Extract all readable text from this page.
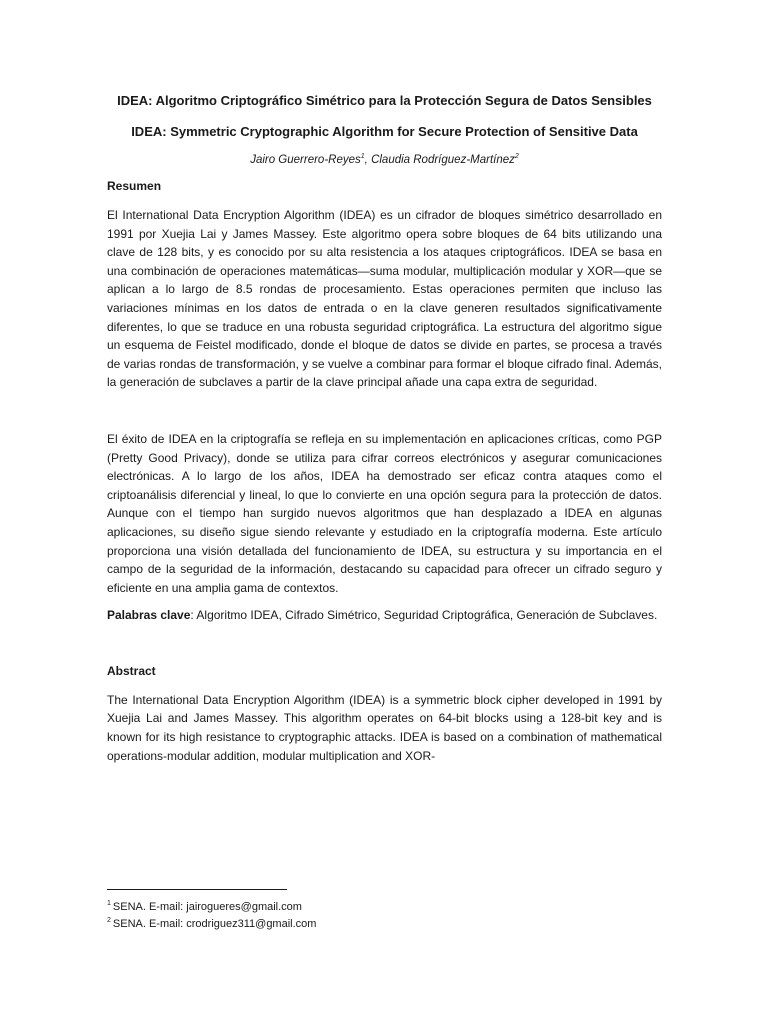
IDEA: Algoritmo Criptográfico Simétrico para la Protección Segura de Datos Sensibles
IDEA: Symmetric Cryptographic Algorithm for Secure Protection of Sensitive Data
Jairo Guerrero-Reyes$^1$, Claudia Rodríguez-Martínez$^2$
Resumen

El International Data Encryption Algorithm (IDEA) es un cifrador de bloques simétrico desarrollado en 1991 por Xuejia Lai y James Massey. Este algoritmo opera sobre bloques de 64 bits utilizando una clave de 128 bits, y es conocido por su alta resistencia a los ataques criptográficos. IDEA se basa en una combinación de operaciones matemáticas—suma modular, multiplicación modular y XOR—que se aplican a lo largo de 8.5 rondas de procesamiento. Estas operaciones permiten que incluso las variaciones mínimas en los datos de entrada o en la clave generen resultados significativamente diferentes, lo que se traduce en una robusta seguridad criptográfica. La estructura del algoritmo sigue un esquema de Feistel modificado, donde el bloque de datos se divide en partes, se procesa a través de varias rondas de transformación, y se vuelve a combinar para formar el bloque cifrado final. Además, la generación de subclaves a partir de la clave principal añade una capa extra de seguridad.

El éxito de IDEA en la criptografía se refleja en su implementación en aplicaciones críticas, como PGP (Pretty Good Privacy), donde se utiliza para cifrar correos electrónicos y asegurar comunicaciones electrónicas. A lo largo de los años, IDEA ha demostrado ser eficaz contra ataques como el criptoanálisis diferencial y lineal, lo que lo convierte en una opción segura para la protección de datos. Aunque con el tiempo han surgido nuevos algoritmos que han desplazado a IDEA en algunas aplicaciones, su diseño sigue siendo relevante y estudiado en la criptografía moderna. Este artículo proporciona una visión detallada del funcionamiento de IDEA, su estructura y su importancia en el campo de la seguridad de la información, destacando su capacidad para ofrecer un cifrado seguro y eficiente en una amplia gama de contextos.

Palabras clave: Algoritmo IDEA, Cifrado Simétrico, Seguridad Criptográfica, Generación de Subclaves.

Abstract

The International Data Encryption Algorithm (IDEA) is a symmetric block cipher developed in 1991 by Xuejia Lai and James Massey. This algorithm operates on 64-bit blocks using a 128-bit key and is known for its high resistance to cryptographic attacks. IDEA is based on a combination of mathematical operations-modular addition, modular multiplication and XOR-

$^1$ SENA. E-mail: jairogueres@gmail.com
$^2$ SENA. E-mail: crodriguez311@gmail.com
